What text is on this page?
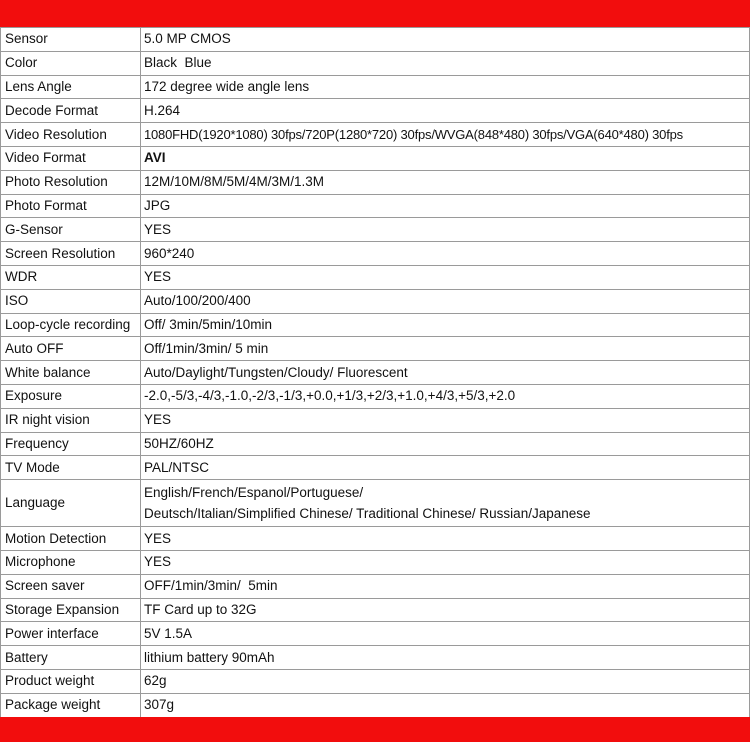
Sensor	5.0 MP CMOS
Color	Black  Blue
Lens Angle	172 degree wide angle lens
Decode Format	H.264
Video Resolution	1080FHD(1920*1080) 30fps/720P(1280*720) 30fps/WVGA(848*480) 30fps/VGA(640*480) 30fps
Video Format	AVI
Photo Resolution	12M/10M/8M/5M/4M/3M/1.3M
Photo Format	JPG
G-Sensor	YES
Screen Resolution	960*240
WDR	YES
ISO	Auto/100/200/400
Loop-cycle recording	Off/ 3min/5min/10min
Auto OFF	Off/1min/3min/ 5 min
White balance	Auto/Daylight/Tungsten/Cloudy/ Fluorescent
Exposure	-2.0,-5/3,-4/3,-1.0,-2/3,-1/3,+0.0,+1/3,+2/3,+1.0,+4/3,+5/3,+2.0
IR night vision	YES
Frequency	50HZ/60HZ
TV Mode	PAL/NTSC
Language	English/French/Espanol/Portuguese/
Deutsch/Italian/Simplified Chinese/ Traditional Chinese/ Russian/Japanese

Motion Detection	YES
Microphone	YES
Screen saver	OFF/1min/3min/  5min
Storage Expansion	TF Card up to 32G
Power interface	5V 1.5A
Battery	lithium battery 90mAh
Product weight	62g
Package weight	307g
